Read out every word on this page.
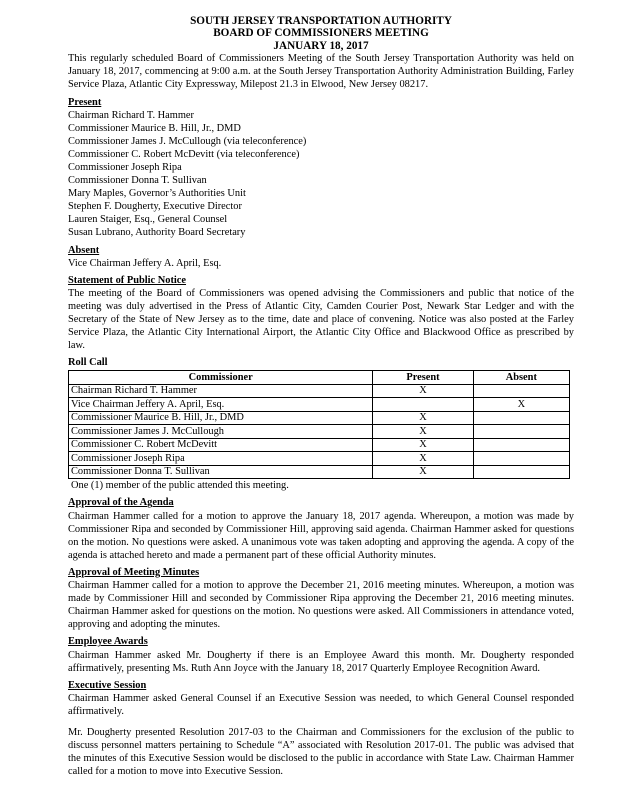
SOUTH JERSEY TRANSPORTATION AUTHORITY
BOARD OF COMMISSIONERS MEETING
JANUARY 18, 2017

This regularly scheduled Board of Commissioners Meeting of the South Jersey Transportation Authority was held on January 18, 2017, commencing at 9:00 a.m. at the South Jersey Transportation Authority Administration Building, Farley Service Plaza, Atlantic City Expressway, Milepost 21.3 in Elwood, New Jersey 08217.

Present
Chairman Richard T. Hammer
Commissioner Maurice B. Hill, Jr., DMD
Commissioner James J. McCullough (via teleconference)
Commissioner C. Robert McDevitt (via teleconference)
Commissioner Joseph Ripa
Commissioner Donna T. Sullivan
Mary Maples, Governor’s Authorities Unit
Stephen F. Dougherty, Executive Director
Lauren Staiger, Esq., General Counsel
Susan Lubrano, Authority Board Secretary
Absent
Vice Chairman Jeffery A. April, Esq.
Statement of Public Notice

The meeting of the Board of Commissioners was opened advising the Commissioners and public that notice of the meeting was duly advertised in the Press of Atlantic City, Camden Courier Post, Newark Star Ledger and with the Secretary of the State of New Jersey as to the time, date and place of convening. Notice was also posted at the Farley Service Plaza, the Atlantic City International Airport, the Atlantic City Office and Blackwood Office as prescribed by law.

Roll Call
Commissioner	Present	Absent
Chairman Richard T. Hammer	X	
Vice Chairman Jeffery A. April, Esq.		X
Commissioner Maurice B. Hill, Jr., DMD	X	
Commissioner James J. McCullough	X	
Commissioner C. Robert McDevitt	X	
Commissioner Joseph Ripa	X	
Commissioner Donna T. Sullivan	X	
One (1) member of the public attended this meeting.
Approval of the Agenda

Chairman Hammer called for a motion to approve the January 18, 2017 agenda. Whereupon, a motion was made by Commissioner Ripa and seconded by Commissioner Hill, approving said agenda. Chairman Hammer asked for questions on the motion. No questions were asked. A unanimous vote was taken adopting and approving the agenda. A copy of the agenda is attached hereto and made a permanent part of these official Authority minutes.

Approval of Meeting Minutes

Chairman Hammer called for a motion to approve the December 21, 2016 meeting minutes. Whereupon, a motion was made by Commissioner Hill and seconded by Commissioner Ripa approving the December 21, 2016 meeting minutes. Chairman Hammer asked for questions on the motion. No questions were asked. All Commissioners in attendance voted, approving and adopting the minutes.

Employee Awards

Chairman Hammer asked Mr. Dougherty if there is an Employee Award this month. Mr. Dougherty responded affirmatively, presenting Ms. Ruth Ann Joyce with the January 18, 2017 Quarterly Employee Recognition Award.

Executive Session

Chairman Hammer asked General Counsel if an Executive Session was needed, to which General Counsel responded affirmatively.

Mr. Dougherty presented Resolution 2017-03 to the Chairman and Commissioners for the exclusion of the public to discuss personnel matters pertaining to Schedule “A” associated with Resolution 2017-01. The public was advised that the minutes of this Executive Session would be disclosed to the public in accordance with State Law. Chairman Hammer called for a motion to move into Executive Session.
